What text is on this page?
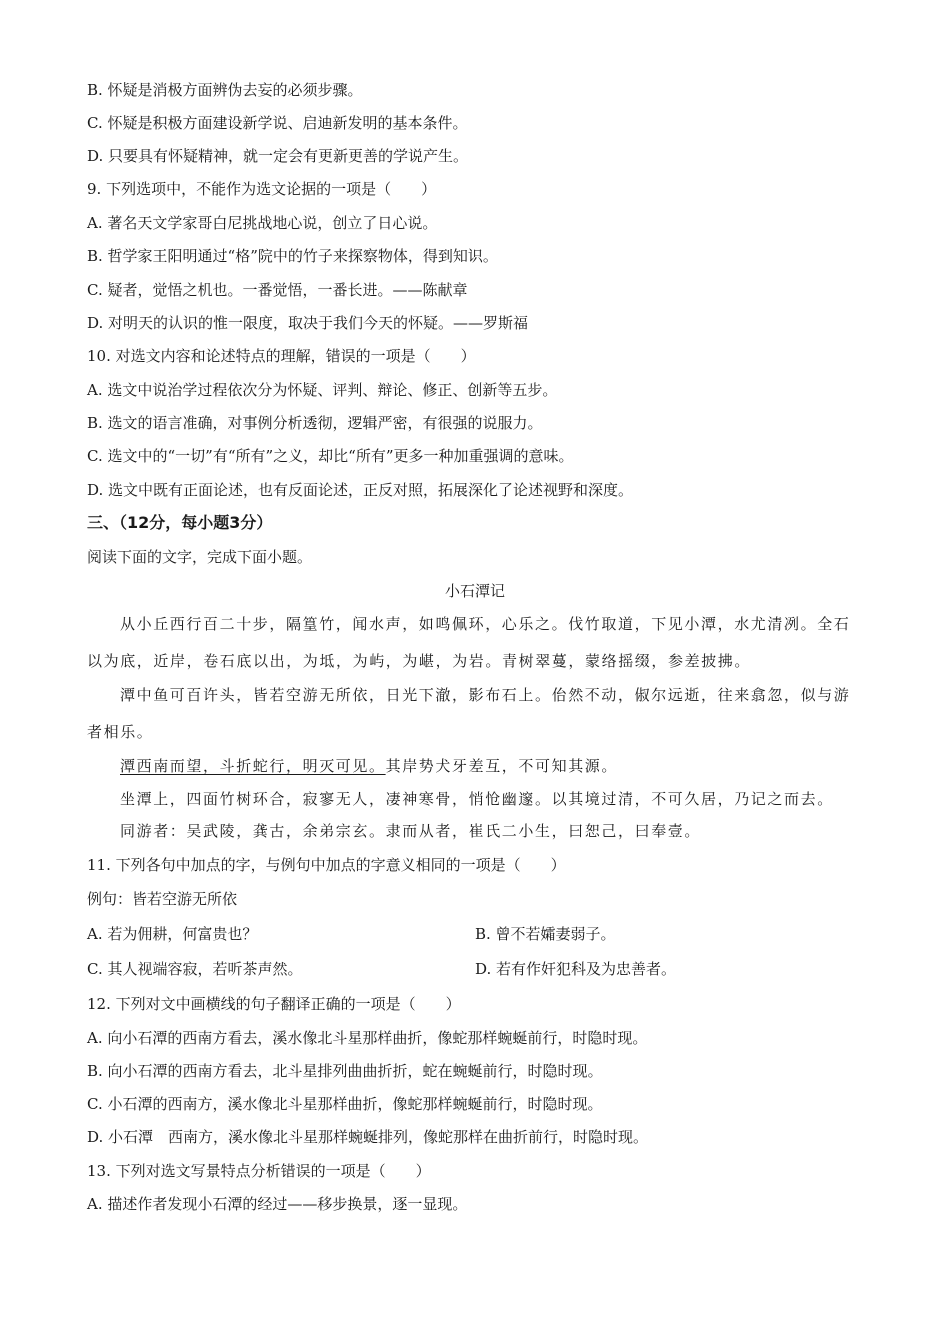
B. 怀疑是消极方面辨伪去妄的必须步骤。
C. 怀疑是积极方面建设新学说、启迪新发明的基本条件。
D. 只要具有怀疑精神，就一定会有更新更善的学说产生。
9. 下列选项中，不能作为选文论据的一项是（　　）
A. 著名天文学家哥白尼挑战地心说，创立了日心说。
B. 哲学家王阳明通过“格”院中的竹子来探察物体，得到知识。
C. 疑者，觉悟之机也。一番觉悟，一番长进。——陈献章
D. 对明天的认识的惟一限度，取决于我们今天的怀疑。——罗斯福
10. 对选文内容和论述特点的理解，错误的一项是（　　）
A. 选文中说治学过程依次分为怀疑、评判、辩论、修正、创新等五步。
B. 选文的语言准确，对事例分析透彻，逻辑严密，有很强的说服力。
C. 选文中的“一切”有“所有”之义，却比“所有”更多一种加重强调的意味。
D. 选文中既有正面论述，也有反面论述，正反对照，拓展深化了论述视野和深度。
三、（12分，每小题3分）
阅读下面的文字，完成下面小题。
小石潭记
从小丘西行百二十步，隔篁竹，闻水声，如鸣佩环，心乐之。伐竹取道，下见小潭，水尤清冽。全石
以为底，近岸，卷石底以出，为坻，为屿，为嵁，为岩。青树翠蔓，蒙络摇缀，参差披拂。
潭中鱼可百许头，皆若空游无所依，日光下澈，影布石上。佁然不动，俶尔远逝，往来翕忽，似与游
者相乐。
潭西南而望，斗折蛇行，明灭可见。其岸势犬牙差互，不可知其源。
坐潭上，四面竹树环合，寂寥无人，凄神寒骨，悄怆幽邃。以其境过清，不可久居，乃记之而去。
同游者：吴武陵，龚古，余弟宗玄。隶而从者，崔氏二小生，曰恕己，曰奉壹。
11. 下列各句中加点的字，与例句中加点的字意义相同的一项是（　　）
例句：皆若空游无所依
A. 若为佣耕，何富贵也？	B. 曾不若孀妻弱子。
C. 其人视端容寂，若听茶声然。	D. 若有作奸犯科及为忠善者。
12. 下列对文中画横线的句子翻译正确的一项是（　　）
A. 向小石潭的西南方看去，溪水像北斗星那样曲折，像蛇那样蜿蜒前行，时隐时现。
B. 向小石潭的西南方看去，北斗星排列曲曲折折，蛇在蜿蜒前行，时隐时现。
C. 小石潭的西南方，溪水像北斗星那样曲折，像蛇那样蜿蜒前行，时隐时现。
D. 小石潭　西南方，溪水像北斗星那样蜿蜒排列，像蛇那样在曲折前行，时隐时现。
13. 下列对选文写景特点分析错误的一项是（　　）
A. 描述作者发现小石潭的经过——移步换景，逐一显现。
